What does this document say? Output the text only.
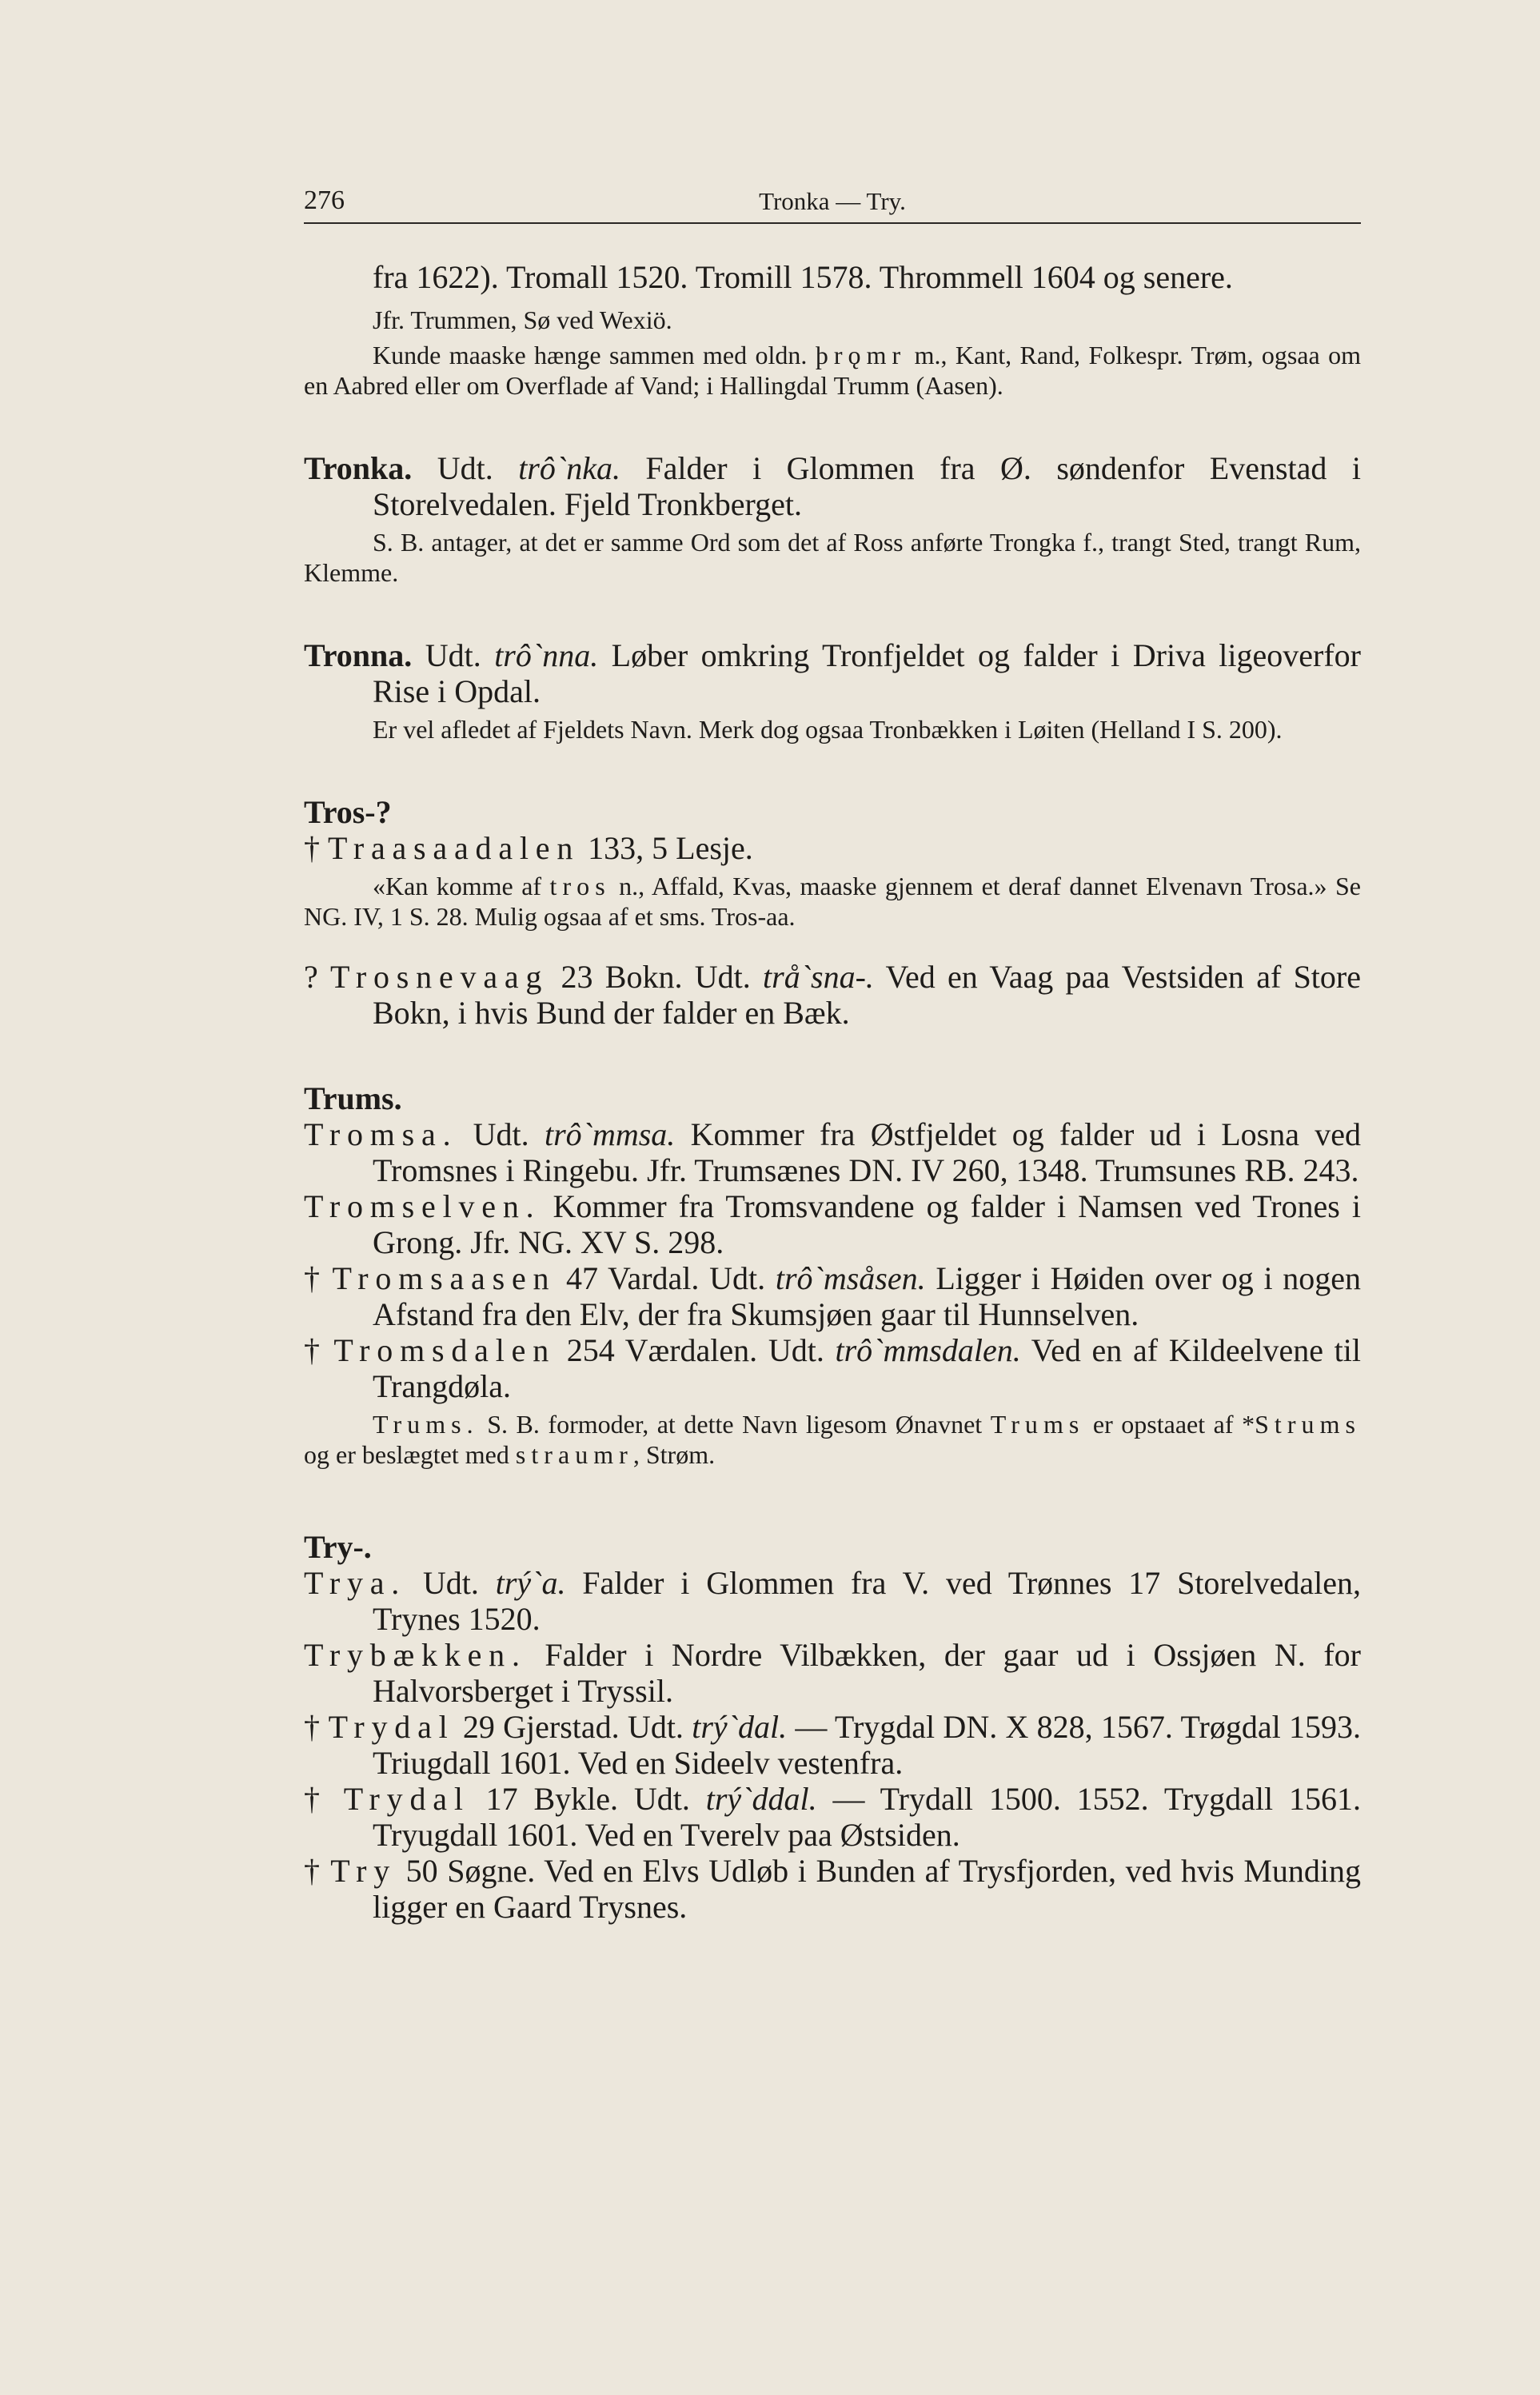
276	Tronka — Try.

fra 1622). Tromall 1520. Tromill 1578. Thrommell 1604 og senere.

Jfr. Trummen, Sø ved Wexiö.

Kunde maaske hænge sammen med oldn. þrǫmr m., Kant, Rand, Folkespr. Trøm, ogsaa om en Aabred eller om Overflade af Vand; i Hallingdal Trumm (Aasen).

Tronka. Udt. trô`nka. Falder i Glommen fra Ø. søndenfor Evenstad i Storelvedalen. Fjeld Tronkberget.

S. B. antager, at det er samme Ord som det af Ross anførte Trongka f., trangt Sted, trangt Rum, Klemme.

Tronna. Udt. trô`nna. Løber omkring Tronfjeldet og falder i Driva ligeoverfor Rise i Opdal.

Er vel afledet af Fjeldets Navn. Merk dog ogsaa Tronbækken i Løiten (Helland I S. 200).

Tros-?

† Traasaadalen 133, 5 Lesje.

«Kan komme af tros n., Affald, Kvas, maaske gjennem et deraf dannet Elvenavn Trosa.» Se NG. IV, 1 S. 28. Mulig ogsaa af et sms. Tros-aa.

? Trosnevaag 23 Bokn. Udt. trå`sna-. Ved en Vaag paa Vestsiden af Store Bokn, i hvis Bund der falder en Bæk.

Trums.

Tromsa. Udt. trô`mmsa. Kommer fra Østfjeldet og falder ud i Losna ved Tromsnes i Ringebu. Jfr. Trumsænes DN. IV 260, 1348. Trumsunes RB. 243.

Tromselven. Kommer fra Tromsvandene og falder i Namsen ved Trones i Grong. Jfr. NG. XV S. 298.

† Tromsaasen 47 Vardal. Udt. trô`msåsen. Ligger i Høiden over og i nogen Afstand fra den Elv, der fra Skumsjøen gaar til Hunnselven.

† Tromsdalen 254 Værdalen. Udt. trô`mmsdalen. Ved en af Kildeelvene til Trangdøla.

Trums. S. B. formoder, at dette Navn ligesom Ønavnet Trums er opstaaet af *Strums og er beslægtet med straumr, Strøm.

Try-.

Trya. Udt. trý`a. Falder i Glommen fra V. ved Trønnes 17 Storelvedalen, Trynes 1520.

Trybækken. Falder i Nordre Vilbækken, der gaar ud i Ossjøen N. for Halvorsberget i Tryssil.

† Trydal 29 Gjerstad. Udt. trý`dal. — Trygdal DN. X 828, 1567. Trøgdal 1593. Triugdall 1601. Ved en Sideelv vestenfra.

† Trydal 17 Bykle. Udt. trý`ddal. — Trydall 1500. 1552. Trygdall 1561. Tryugdall 1601. Ved en Tverelv paa Østsiden.

† Try 50 Søgne. Ved en Elvs Udløb i Bunden af Trysfjorden, ved hvis Munding ligger en Gaard Trysnes.
